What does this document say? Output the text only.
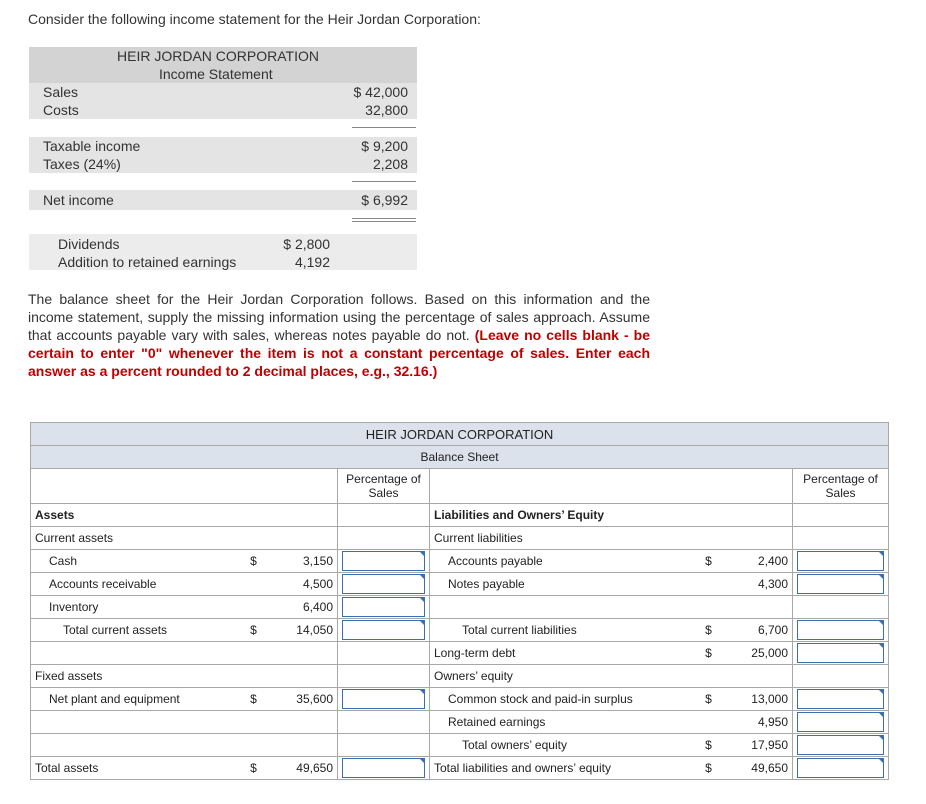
Consider the following income statement for the Heir Jordan Corporation:
HEIR JORDAN CORPORATION
Income Statement
Sales	$ 42,000
Costs	32,800
Taxable income	$ 9,200
Taxes (24%)	2,208
Net income	$ 6,992
Dividends	$ 2,800
Addition to retained earnings	4,192
The balance sheet for the Heir Jordan Corporation follows. Based on this information and the income statement, supply the missing information using the percentage of sales approach. Assume that accounts payable vary with sales, whereas notes payable do not. (Leave no cells blank - be certain to enter "0" whenever the item is not a constant percentage of sales. Enter each answer as a percent rounded to 2 decimal places, e.g., 32.16.)
HEIR JORDAN CORPORATION							
Balance Sheet							
			Percentage of Sales				Percentage of Sales
Assets				Liabilities and Owners’ Equity			
Current assets				Current liabilities			
Cash	$	3,150		Accounts payable	$	2,400	

Accounts receivable		4,500		Notes payable		4,300	

Inventory		6,400	

Total current assets	$	14,050		Total current liabilities	$	6,700	

				Long-term debt	$	25,000	

Fixed assets				Owners’ equity			
Net plant and equipment	$	35,600		Common stock and paid-in surplus	$	13,000	

				Retained earnings		4,950	

				Total owners’ equity	$	17,950	

Total assets	$	49,650		Total liabilities and owners’ equity	$	49,650	
